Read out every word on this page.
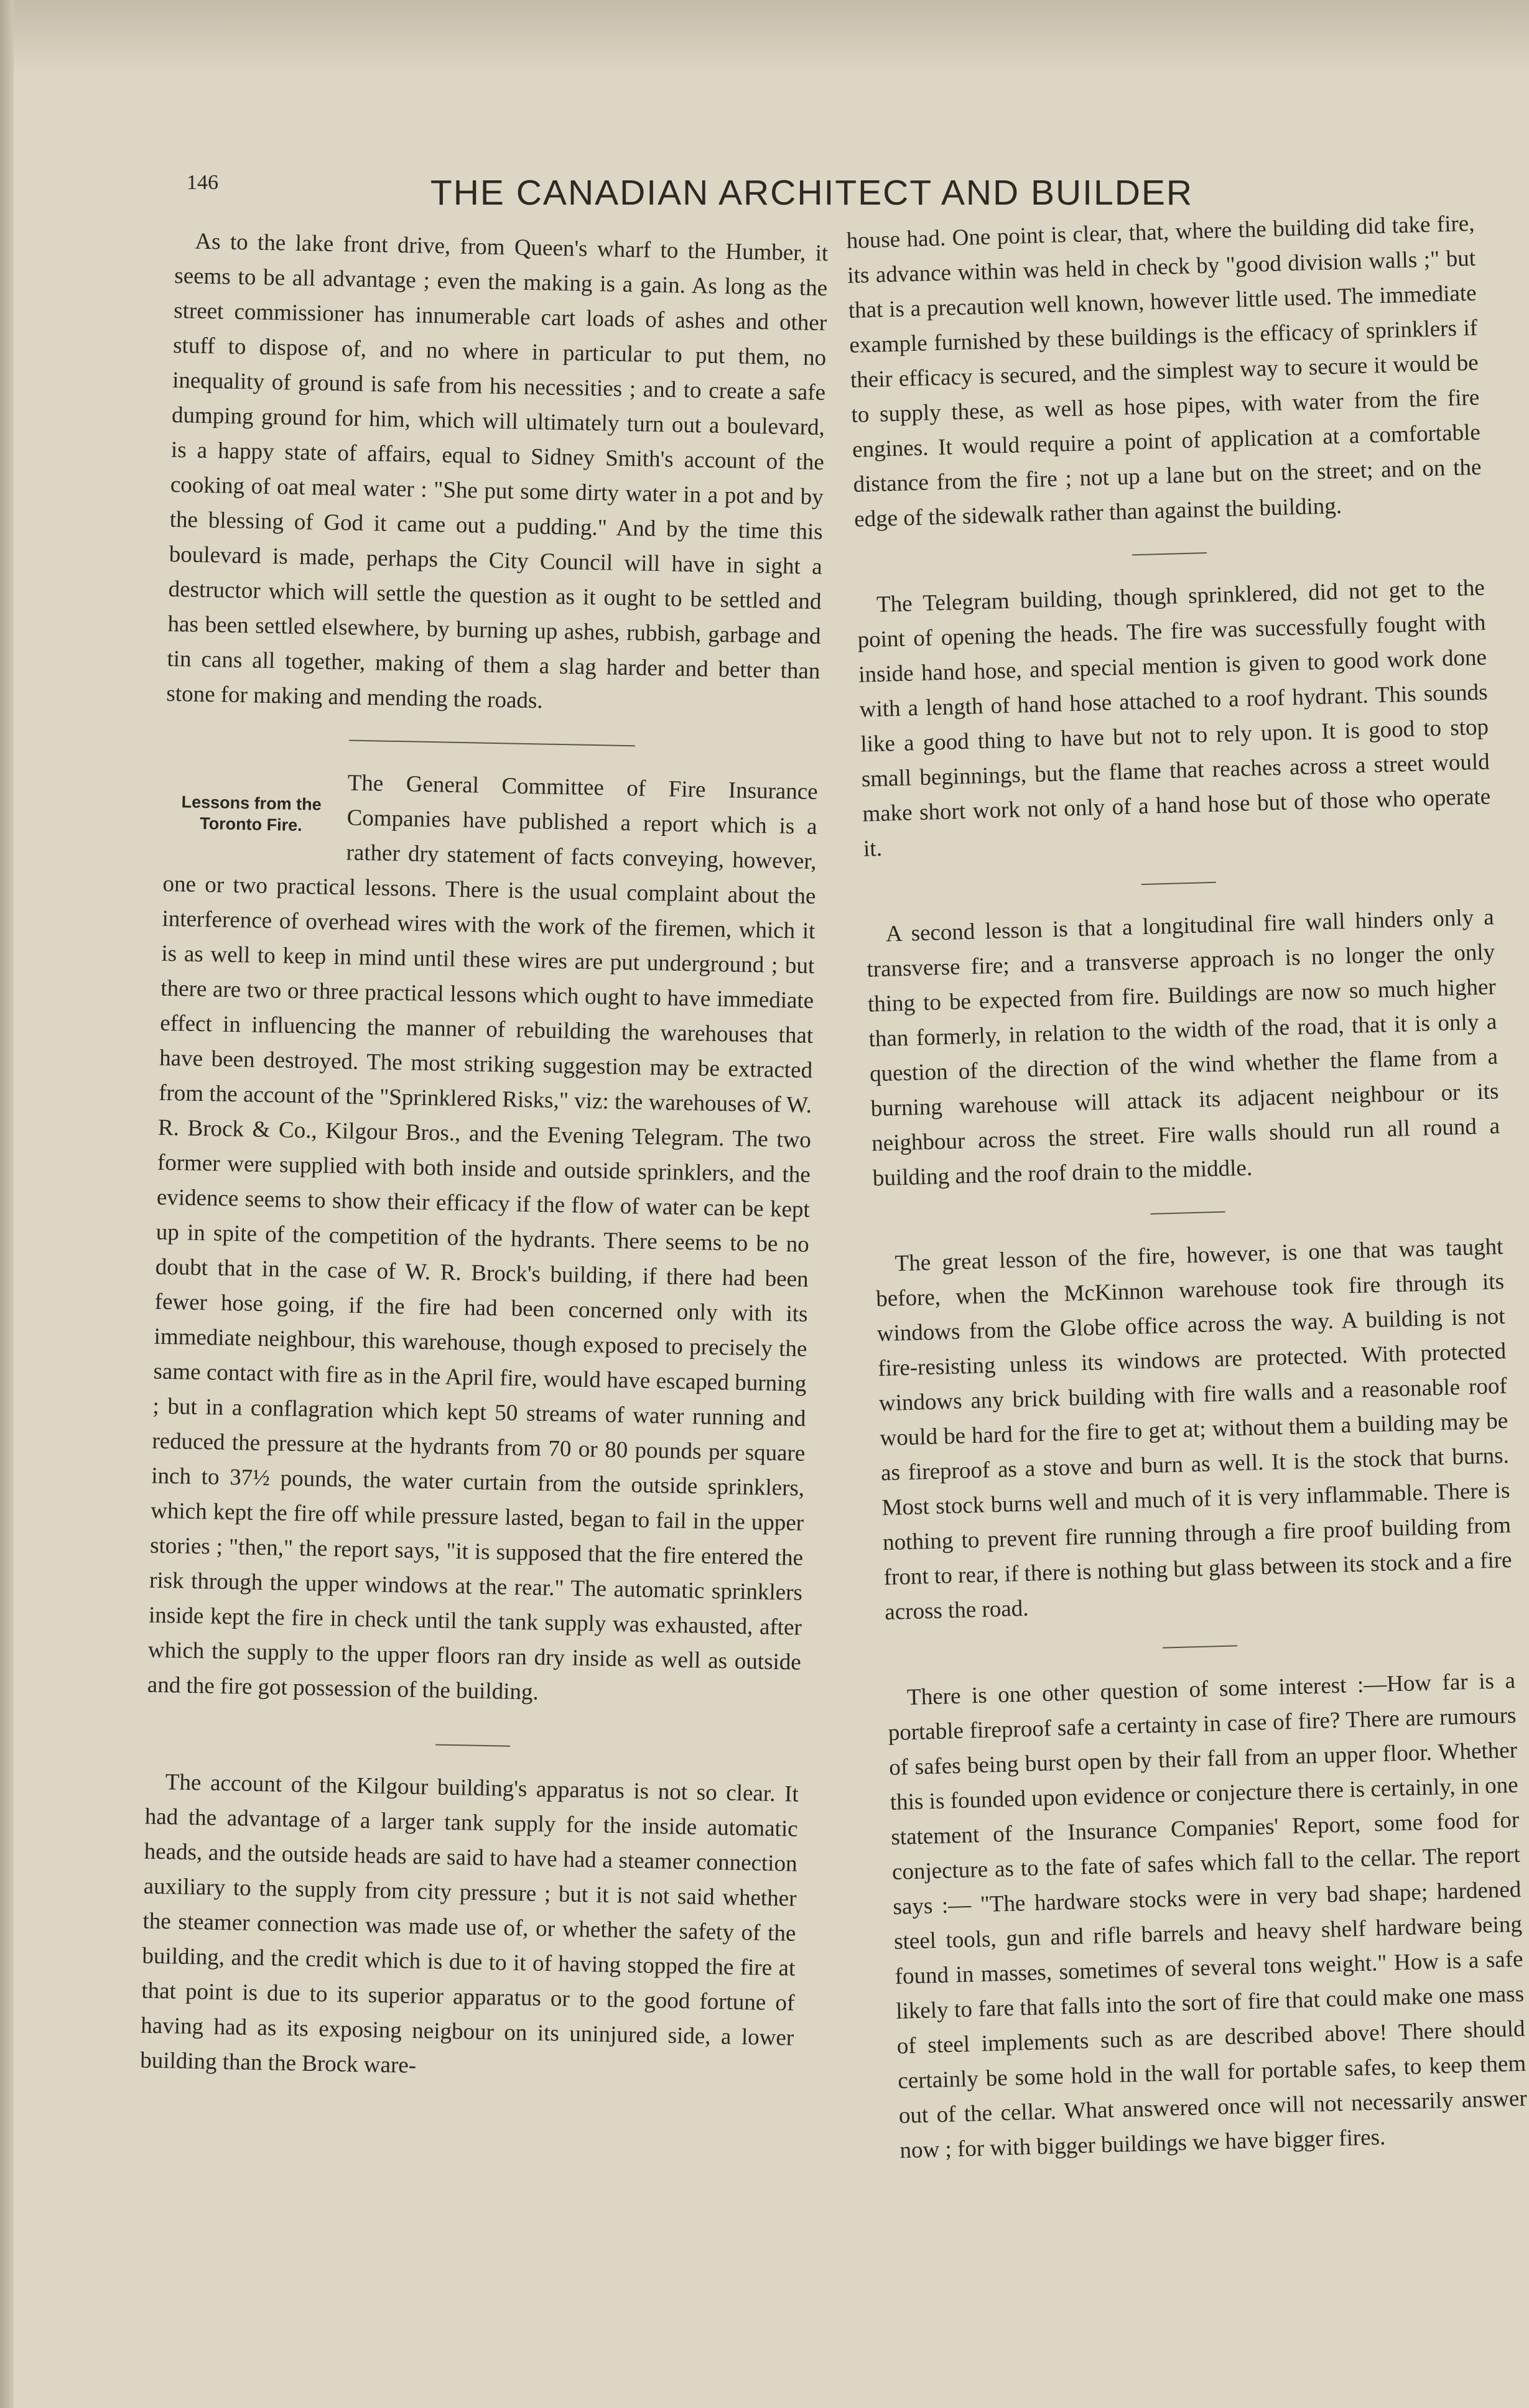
146	THE CANADIAN ARCHITECT AND BUILDER

As to the lake front drive, from Queen's wharf to the Humber, it seems to be all advantage ; even the making is a gain. As long as the street commissioner has innumerable cart loads of ashes and other stuff to dispose of, and no where in particular to put them, no inequality of ground is safe from his necessities ; and to create a safe dumping ground for him, which will ultimately turn out a boulevard, is a happy state of affairs, equal to Sidney Smith's account of the cooking of oat meal water : "She put some dirty water in a pot and by the blessing of God it came out a pudding." And by the time this boulevard is made, perhaps the City Council will have in sight a destructor which will settle the question as it ought to be settled and has been settled elsewhere, by burning up ashes, rubbish, garbage and tin cans all together, making of them a slag harder and better than stone for making and mending the roads.

Lessons from the
Toronto Fire.

The General Committee of Fire Insurance Companies have published a report which is a rather dry statement of facts conveying, however, one or two practical lessons. There is the usual complaint about the interference of overhead wires with the work of the firemen, which it is as well to keep in mind until these wires are put underground ; but there are two or three practical lessons which ought to have immediate effect in influencing the manner of rebuilding the warehouses that have been destroyed. The most striking suggestion may be extracted from the account of the "Sprinklered Risks," viz: the warehouses of W. R. Brock & Co., Kilgour Bros., and the Evening Telegram. The two former were supplied with both inside and outside sprinklers, and the evidence seems to show their efficacy if the flow of water can be kept up in spite of the competition of the hydrants. There seems to be no doubt that in the case of W. R. Brock's building, if there had been fewer hose going, if the fire had been concerned only with its immediate neighbour, this warehouse, though exposed to precisely the same contact with fire as in the April fire, would have escaped burning ; but in a conflagration which kept 50 streams of water running and reduced the pressure at the hydrants from 70 or 80 pounds per square inch to 37½ pounds, the water curtain from the outside sprinklers, which kept the fire off while pressure lasted, began to fail in the upper stories ; "then," the report says, "it is supposed that the fire entered the risk through the upper windows at the rear." The automatic sprinklers inside kept the fire in check until the tank supply was exhausted, after which the supply to the upper floors ran dry inside as well as outside and the fire got possession of the building.

The account of the Kilgour building's apparatus is not so clear. It had the advantage of a larger tank supply for the inside automatic heads, and the outside heads are said to have had a steamer connection auxiliary to the supply from city pressure ; but it is not said whether the steamer connection was made use of, or whether the safety of the building, and the credit which is due to it of having stopped the fire at that point is due to its superior apparatus or to the good fortune of having had as its exposing neigbour on its uninjured side, a lower building than the Brock ware-

house had. One point is clear, that, where the building did take fire, its advance within was held in check by "good division walls ;" but that is a precaution well known, however little used. The immediate example furnished by these buildings is the efficacy of sprinklers if their efficacy is secured, and the simplest way to secure it would be to supply these, as well as hose pipes, with water from the fire engines. It would require a point of application at a comfortable distance from the fire ; not up a lane but on the street; and on the edge of the sidewalk rather than against the building.

The Telegram building, though sprinklered, did not get to the point of opening the heads. The fire was successfully fought with inside hand hose, and special mention is given to good work done with a length of hand hose attached to a roof hydrant. This sounds like a good thing to have but not to rely upon. It is good to stop small beginnings, but the flame that reaches across a street would make short work not only of a hand hose but of those who operate it.

A second lesson is that a longitudinal fire wall hinders only a transverse fire; and a transverse approach is no longer the only thing to be expected from fire. Buildings are now so much higher than formerly, in relation to the width of the road, that it is only a question of the direction of the wind whether the flame from a burning warehouse will attack its adjacent neighbour or its neighbour across the street. Fire walls should run all round a building and the roof drain to the middle.

The great lesson of the fire, however, is one that was taught before, when the McKinnon warehouse took fire through its windows from the Globe office across the way. A building is not fire-resisting unless its windows are protected. With protected windows any brick building with fire walls and a reasonable roof would be hard for the fire to get at; without them a building may be as fireproof as a stove and burn as well. It is the stock that burns. Most stock burns well and much of it is very inflammable. There is nothing to prevent fire running through a fire proof building from front to rear, if there is nothing but glass between its stock and a fire across the road.

There is one other question of some interest :—How far is a portable fireproof safe a certainty in case of fire? There are rumours of safes being burst open by their fall from an upper floor. Whether this is founded upon evidence or conjecture there is certainly, in one statement of the Insurance Companies' Report, some food for conjecture as to the fate of safes which fall to the cellar. The report says :— "The hardware stocks were in very bad shape; hardened steel tools, gun and rifle barrels and heavy shelf hardware being found in masses, sometimes of several tons weight." How is a safe likely to fare that falls into the sort of fire that could make one mass of steel implements such as are described above! There should certainly be some hold in the wall for portable safes, to keep them out of the cellar. What answered once will not necessarily answer now ; for with bigger buildings we have bigger fires.
